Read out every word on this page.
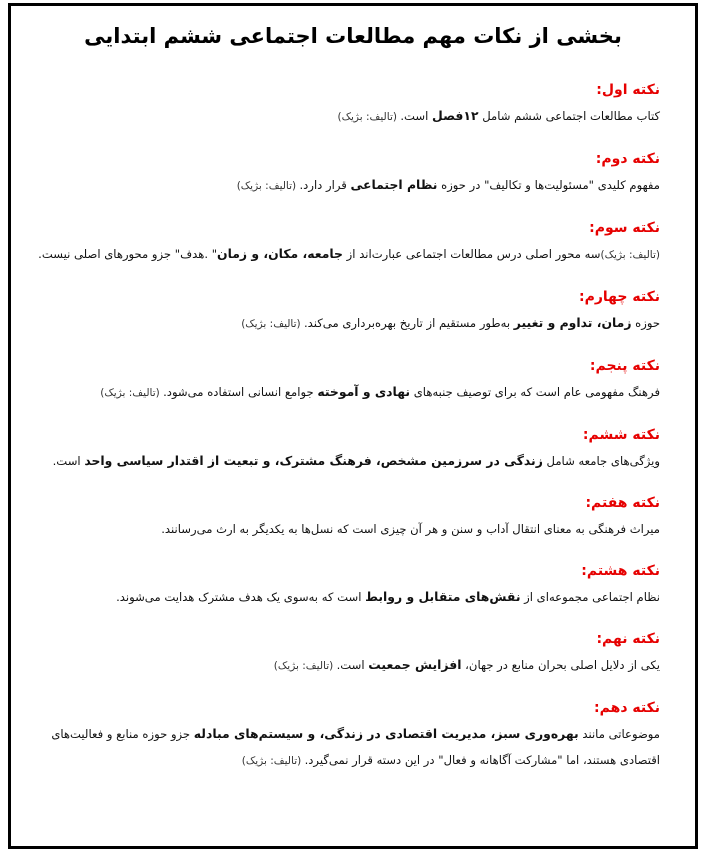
بخشی از نکات مهم مطالعات اجتماعی ششم ابتدایی
نکته اول:

کتاب مطالعات اجتماعی ششم شامل ۱۲فصل است. (تالیف: بژیک)

نکته دوم:

مفهوم کلیدی "مسئولیت‌ها و تکالیف" در حوزه نظام اجتماعی قرار دارد. (تالیف: بژیک)

نکته سوم:

(تالیف: بژیک)سه محور اصلی درس مطالعات اجتماعی عبارت‌اند از جامعه، مکان، و زمان" .هدف" جزو محورهای اصلی نیست.

نکته چهارم:

حوزه زمان، تداوم و تغییر به‌طور مستقیم از تاریخ بهره‌برداری می‌کند. (تالیف: بژیک)

نکته پنجم:

فرهنگ مفهومی عام است که برای توصیف جنبه‌های نهادی و آموخته جوامع انسانی استفاده می‌شود. (تالیف: بژیک)

نکته ششم:

ویژگی‌های جامعه شامل زندگی در سرزمین مشخص، فرهنگ مشترک، و تبعیت از اقتدار سیاسی واحد است.

نکته هفتم:

میراث فرهنگی به معنای انتقال آداب و سنن و هر آن چیزی است که نسل‌ها به یکدیگر به ارث می‌رسانند.

نکته هشتم:

نظام اجتماعی مجموعه‌ای از نقش‌های متقابل و روابط است که به‌سوی یک هدف مشترک هدایت می‌شوند.

نکته نهم:

یکی از دلایل اصلی بحران منابع در جهان، افزایش جمعیت است. (تالیف: بژیک)

نکته دهم:

موضوعاتی مانند بهره‌وری سبز، مدیریت اقتصادی در زندگی، و سیستم‌های مبادله جزو حوزه منابع و فعالیت‌های اقتصادی هستند، اما "مشارکت آگاهانه و فعال" در این دسته قرار نمی‌گیرد. (تالیف: بژیک)
